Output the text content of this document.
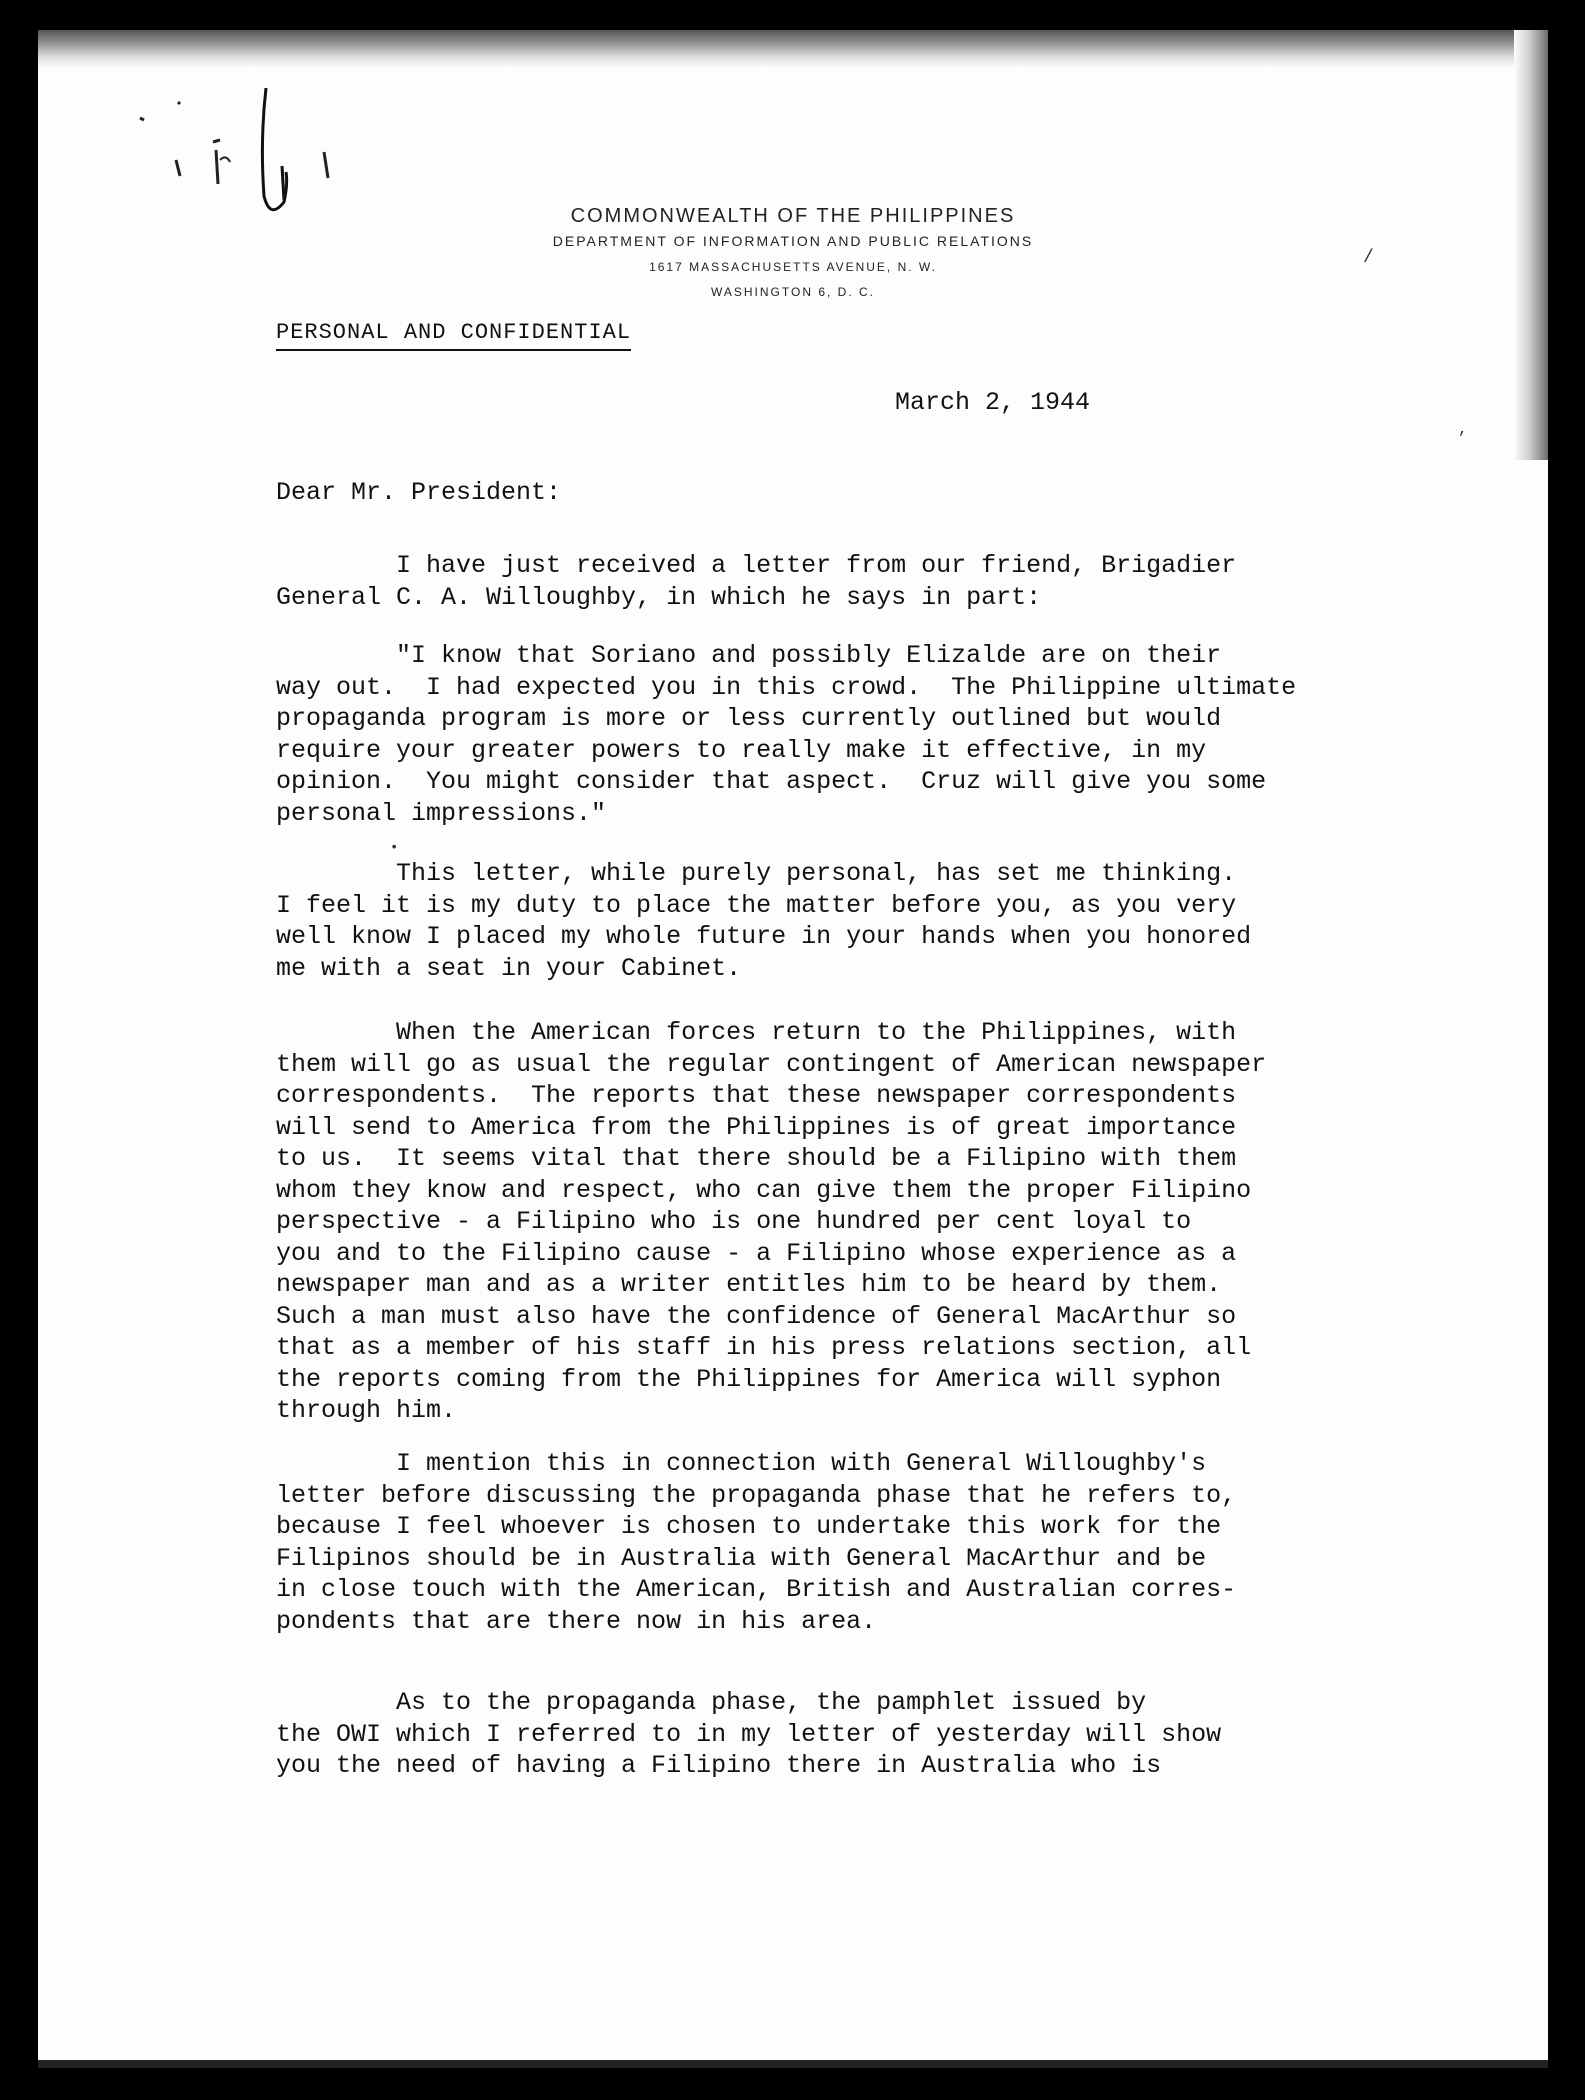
COMMONWEALTH OF THE PHILIPPINES
DEPARTMENT OF INFORMATION AND PUBLIC RELATIONS
1617 MASSACHUSETTS AVENUE, N. W.
WASHINGTON 6, D. C.
PERSONAL AND CONFIDENTIAL
March 2, 1944
Dear Mr. President:
I have just received a letter from our friend, Brigadier
General C. A. Willoughby, in which he says in part:
"I know that Soriano and possibly Elizalde are on their
way out.  I had expected you in this crowd.  The Philippine ultimate
propaganda program is more or less currently outlined but would
require your greater powers to really make it effective, in my
opinion.  You might consider that aspect.  Cruz will give you some
personal impressions."
•
This letter, while purely personal, has set me thinking.
I feel it is my duty to place the matter before you, as you very
well know I placed my whole future in your hands when you honored
me with a seat in your Cabinet.
When the American forces return to the Philippines, with
them will go as usual the regular contingent of American newspaper
correspondents.  The reports that these newspaper correspondents
will send to America from the Philippines is of great importance
to us.  It seems vital that there should be a Filipino with them
whom they know and respect, who can give them the proper Filipino
perspective - a Filipino who is one hundred per cent loyal to
you and to the Filipino cause - a Filipino whose experience as a
newspaper man and as a writer entitles him to be heard by them.
Such a man must also have the confidence of General MacArthur so
that as a member of his staff in his press relations section, all
the reports coming from the Philippines for America will syphon
through him.
I mention this in connection with General Willoughby's
letter before discussing the propaganda phase that he refers to,
because I feel whoever is chosen to undertake this work for the
Filipinos should be in Australia with General MacArthur and be
in close touch with the American, British and Australian corres-
pondents that are there now in his area.
As to the propaganda phase, the pamphlet issued by
the OWI which I referred to in my letter of yesterday will show
you the need of having a Filipino there in Australia who is
/
,
